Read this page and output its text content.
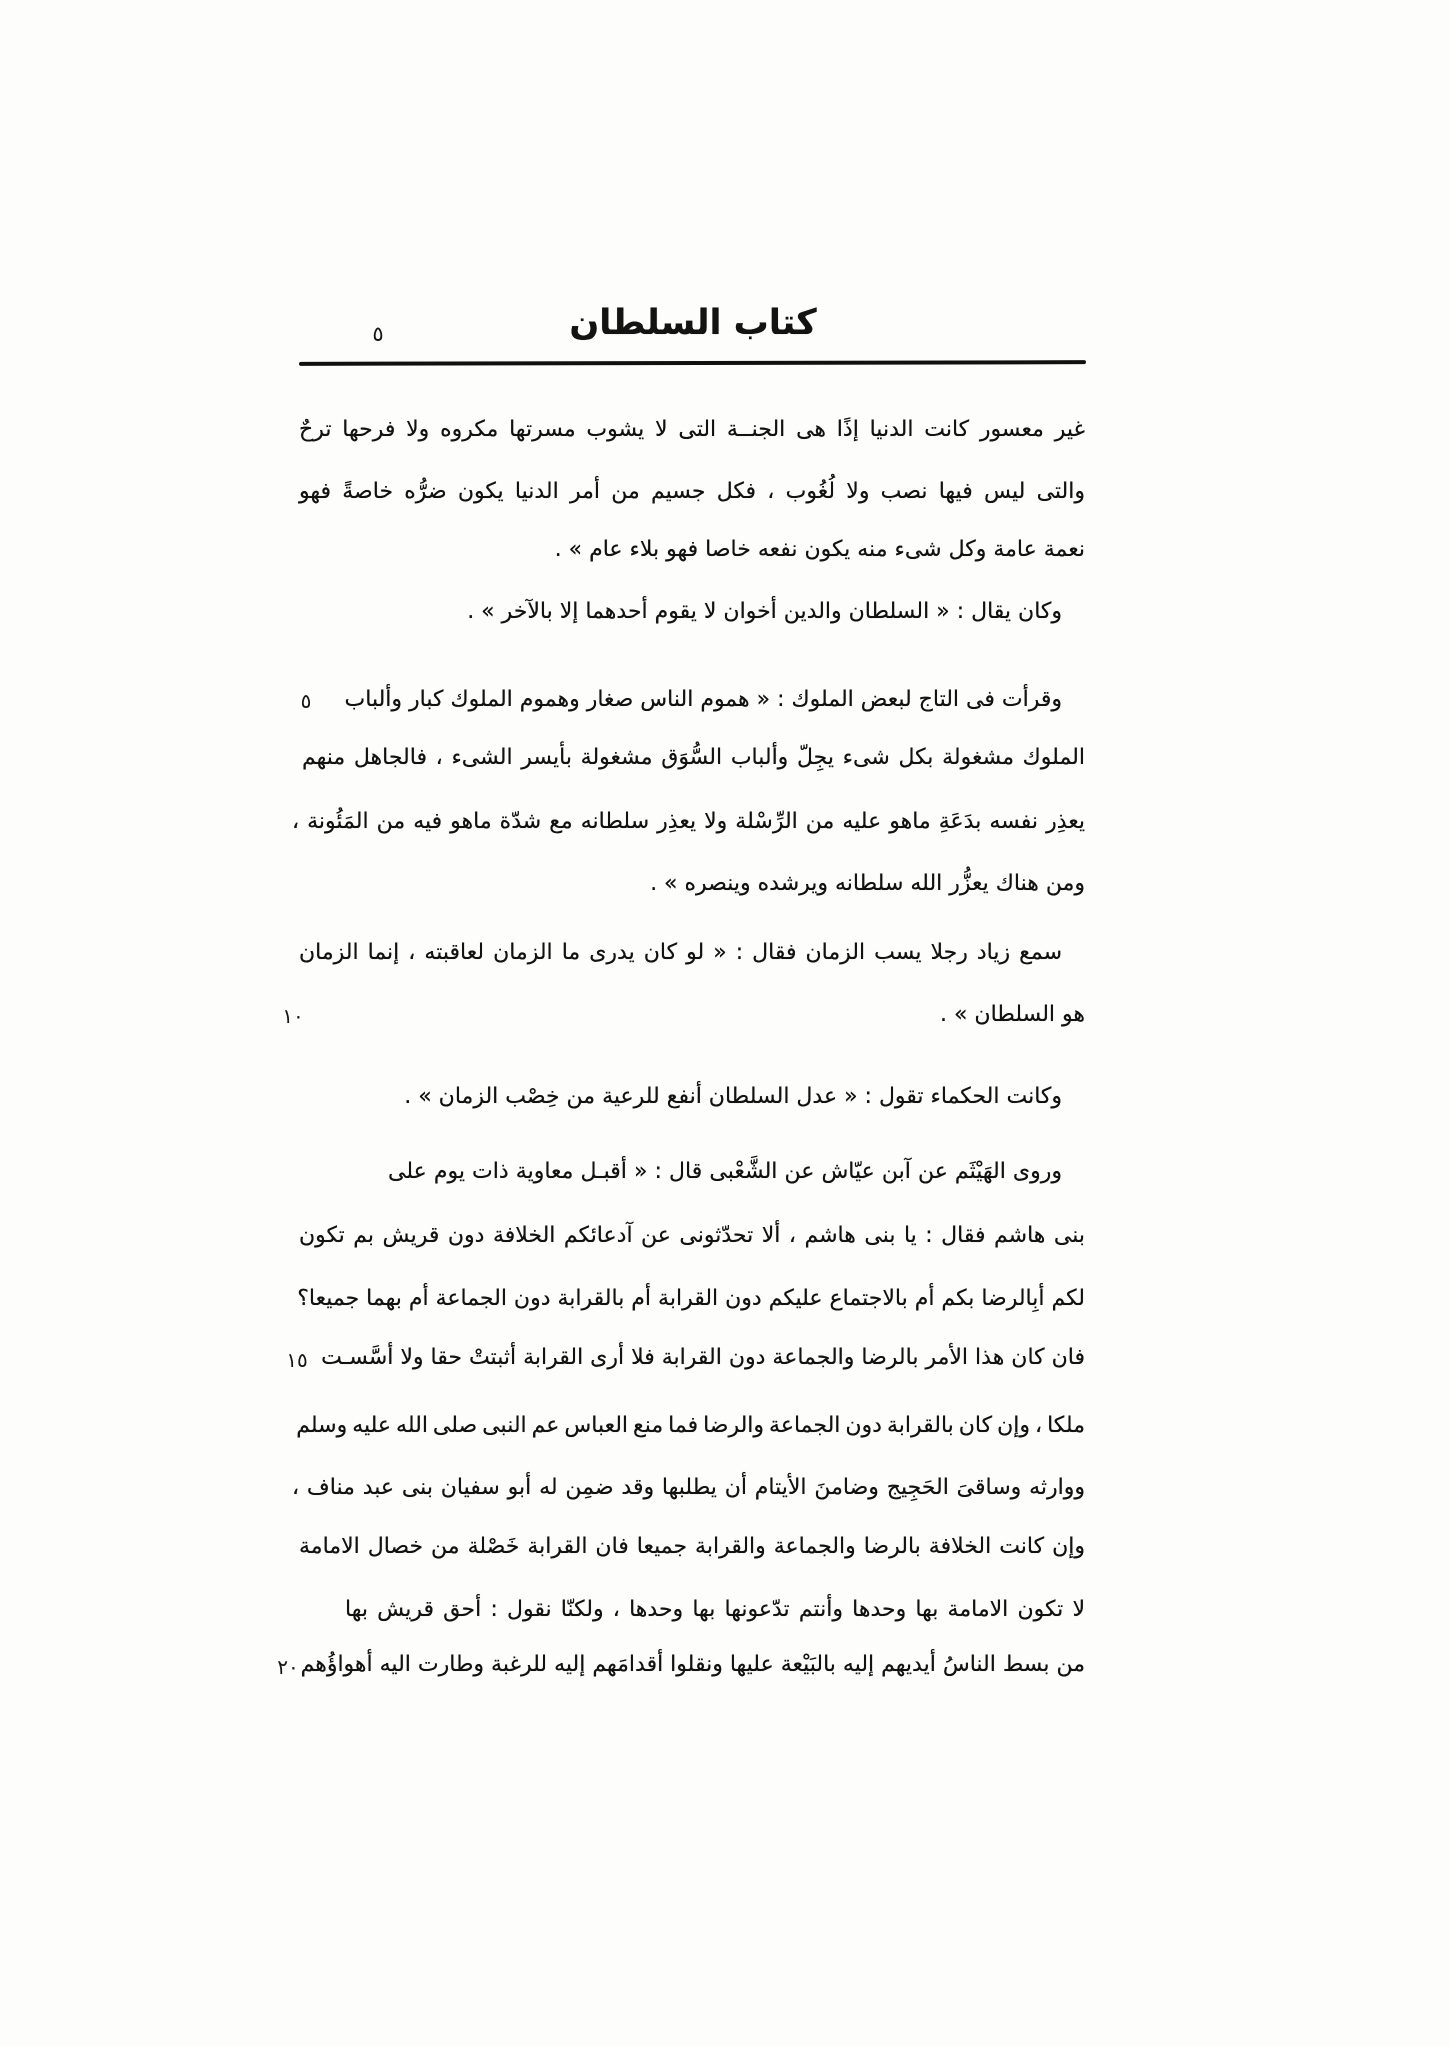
٥	كتاب السلطان
٥
١٠
١٥
٢٠
غير معسور كانت الدنيا إذًا هى الجنــة التى لا يشوب مسرتها مكروه ولا فرحها ترحٌ
والتى ليس فيها نصب ولا لُغُوب ، فكل جسيم من أمر الدنيا يكون ضرُّه خاصةً فهو
نعمة عامة وكل شىء منه يكون نفعه خاصا فهو بلاء عام » .
وكان يقال : « السلطان والدين أخوان لا يقوم أحدهما إلا بالآخر » .
وقرأت فى التاج لبعض الملوك : « هموم الناس صغار وهموم الملوك كبار وألباب
الملوك مشغولة بكل شىء يجِلّ وألباب السُّوَق مشغولة بأيسر الشىء ، فالجاهل منهم
يعذِر نفسه بدَعَةِ ماهو عليه من الرِّسْلة ولا يعذِر سلطانه مع شدّة ماهو فيه من المَئُونة ،
ومن هناك يعزُّر الله سلطانه ويرشده وينصره » .
سمع زياد رجلا يسب الزمان فقال : « لو كان يدرى ما الزمان لعاقبته ، إنما الزمان
هو السلطان » .
وكانت الحكماء تقول : « عدل السلطان أنفع للرعية من خِصْب الزمان » .
وروى الهَيْثَم عن آبن عيّاش عن الشَّعْبى قال : « أقبـل معاوية ذات يوم على
بنى هاشم فقال : يا بنى هاشم ، ألا تحدّثونى عن آدعائكم الخلافة دون قريش بم تكون
لكم أبِالرضا بكم أم بالاجتماع عليكم دون القرابة أم بالقرابة دون الجماعة أم بهما جميعا؟
فان كان هذا الأمر بالرضا والجماعة دون القرابة فلا أرى القرابة أثبتتْ حقا ولا أسَّسـت
ملكا ، وإن كان بالقرابة دون الجماعة والرضا فما منع العباس عم النبى صلى الله عليه وسلم
ووارثه وساقىَ الحَجِيج وضامنَ الأيتام أن يطلبها وقد ضمِن له أبو سفيان بنى عبد مناف ،
وإن كانت الخلافة بالرضا والجماعة والقرابة جميعا فان القرابة خَصْلة من خصال الامامة
لا تكون الامامة بها وحدها وأنتم تدّعونها بها وحدها ، ولكنّا نقول : أحق قريش بها
من بسط الناسُ أيديهم إليه بالبَيْعة عليها ونقلوا أقدامَهم إليه للرغبة وطارت اليه أهواؤُهم
